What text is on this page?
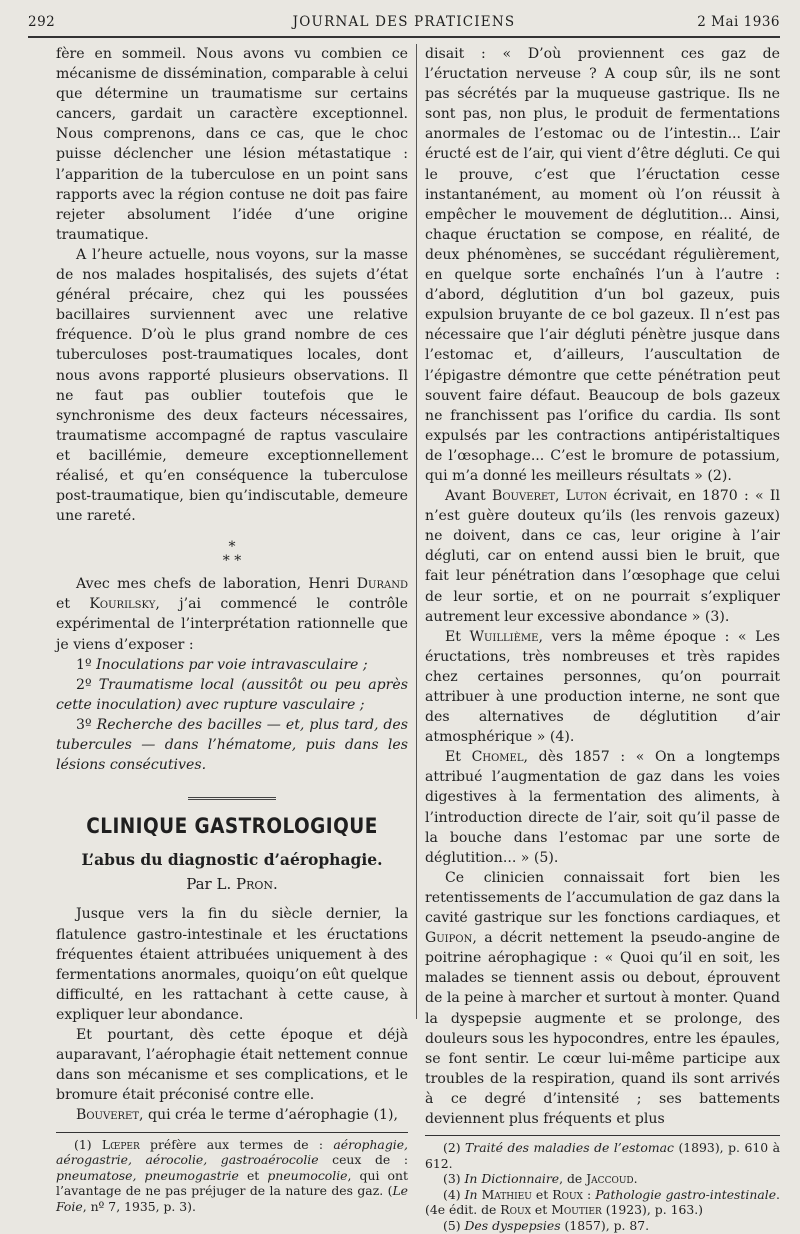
292	JOURNAL DES PRATICIENS	2 Mai 1936

fère en sommeil. Nous avons vu combien ce mécanisme de dissémination, comparable à celui que détermine un traumatisme sur certains cancers, gardait un caractère exceptionnel. Nous comprenons, dans ce cas, que le choc puisse déclencher une lésion métastatique : l’apparition de la tuberculose en un point sans rapports avec la région contuse ne doit pas faire rejeter absolument l’idée d’une origine traumatique.

A l’heure actuelle, nous voyons, sur la masse de nos malades hospitalisés, des sujets d’état général précaire, chez qui les poussées bacillaires surviennent avec une relative fréquence. D’où le plus grand nombre de ces tuberculoses post-traumatiques locales, dont nous avons rapporté plusieurs observations. Il ne faut pas oublier toutefois que le synchronisme des deux facteurs nécessaires, traumatisme accompagné de raptus vasculaire et bacillémie, demeure exceptionnellement réalisé, et qu’en conséquence la tuberculose post-traumatique, bien qu’indiscutable, demeure une rareté.

*
* *

Avec mes chefs de laboration, Henri Durand et Kourilsky, j’ai commencé le contrôle expérimental de l’interprétation rationnelle que je viens d’exposer :

1º Inoculations par voie intravasculaire ;

2º Traumatisme local (aussitôt ou peu après cette inoculation) avec rupture vasculaire ;

3º Recherche des bacilles — et, plus tard, des tubercules — dans l’hématome, puis dans les lésions consécutives.

CLINIQUE GASTROLOGIQUE
L’abus du diagnostic d’aérophagie.
Par L. Pron.

Jusque vers la fin du siècle dernier, la flatulence gastro-intestinale et les éructations fréquentes étaient attribuées uniquement à des fermentations anormales, quoiqu’on eût quelque difficulté, en les rattachant à cette cause, à expliquer leur abondance.

Et pourtant, dès cette époque et déjà auparavant, l’aérophagie était nettement connue dans son mécanisme et ses complications, et le bromure était préconisé contre elle.

Bouveret, qui créa le terme d’aérophagie (1),

(1) Lœper préfère aux termes de : aérophagie, aérogastrie, aérocolie, gastroaérocolie ceux de : pneumatose, pneumogastrie et pneumocolie, qui ont l’avantage de ne pas préjuger de la nature des gaz. (Le Foie, nº 7, 1935, p. 3).

disait : « D’où proviennent ces gaz de l’éructation nerveuse ? A coup sûr, ils ne sont pas sécrétés par la muqueuse gastrique. Ils ne sont pas, non plus, le produit de fermentations anormales de l’estomac ou de l’intestin... L’air éructé est de l’air, qui vient d’être dégluti. Ce qui le prouve, c’est que l’éructation cesse instantanément, au moment où l’on réussit à empêcher le mouvement de déglutition... Ainsi, chaque éructation se compose, en réalité, de deux phénomènes, se succédant régulièrement, en quelque sorte enchaînés l’un à l’autre : d’abord, déglutition d’un bol gazeux, puis expulsion bruyante de ce bol gazeux. Il n’est pas nécessaire que l’air dégluti pénètre jusque dans l’estomac et, d’ailleurs, l’auscultation de l’épigastre démontre que cette pénétration peut souvent faire défaut. Beaucoup de bols gazeux ne franchissent pas l’orifice du cardia. Ils sont expulsés par les contractions antipéristaltiques de l’œsophage... C’est le bromure de potassium, qui m’a donné les meilleurs résultats » (2).

Avant Bouveret, Luton écrivait, en 1870 : « Il n’est guère douteux qu’ils (les renvois gazeux) ne doivent, dans ce cas, leur origine à l’air dégluti, car on entend aussi bien le bruit, que fait leur pénétration dans l’œsophage que celui de leur sortie, et on ne pourrait s’expliquer autrement leur excessive abondance » (3).

Et Wuillième, vers la même époque : « Les éructations, très nombreuses et très rapides chez certaines personnes, qu’on pourrait attribuer à une production interne, ne sont que des alternatives de déglutition d’air atmosphérique » (4).

Et Chomel, dès 1857 : « On a longtemps attribué l’augmentation de gaz dans les voies digestives à la fermentation des aliments, à l’introduction directe de l’air, soit qu’il passe de la bouche dans l’estomac par une sorte de déglutition... » (5).

Ce clinicien connaissait fort bien les retentissements de l’accumulation de gaz dans la cavité gastrique sur les fonctions cardiaques, et Guipon, a décrit nettement la pseudo-angine de poitrine aérophagique : « Quoi qu’il en soit, les malades se tiennent assis ou debout, éprouvent de la peine à marcher et surtout à monter. Quand la dyspepsie augmente et se prolonge, des douleurs sous les hypocondres, entre les épaules, se font sentir. Le cœur lui-même participe aux troubles de la respiration, quand ils sont arrivés à ce degré d’intensité ; ses battements deviennent plus fréquents et plus

(2) Traité des maladies de l’estomac (1893), p. 610 à 612.

(3) In Dictionnaire, de Jaccoud.

(4) In Mathieu et Roux : Pathologie gastro-intestinale. (4e édit. de Roux et Moutier (1923), p. 163.)

(5) Des dyspepsies (1857), p. 87.
